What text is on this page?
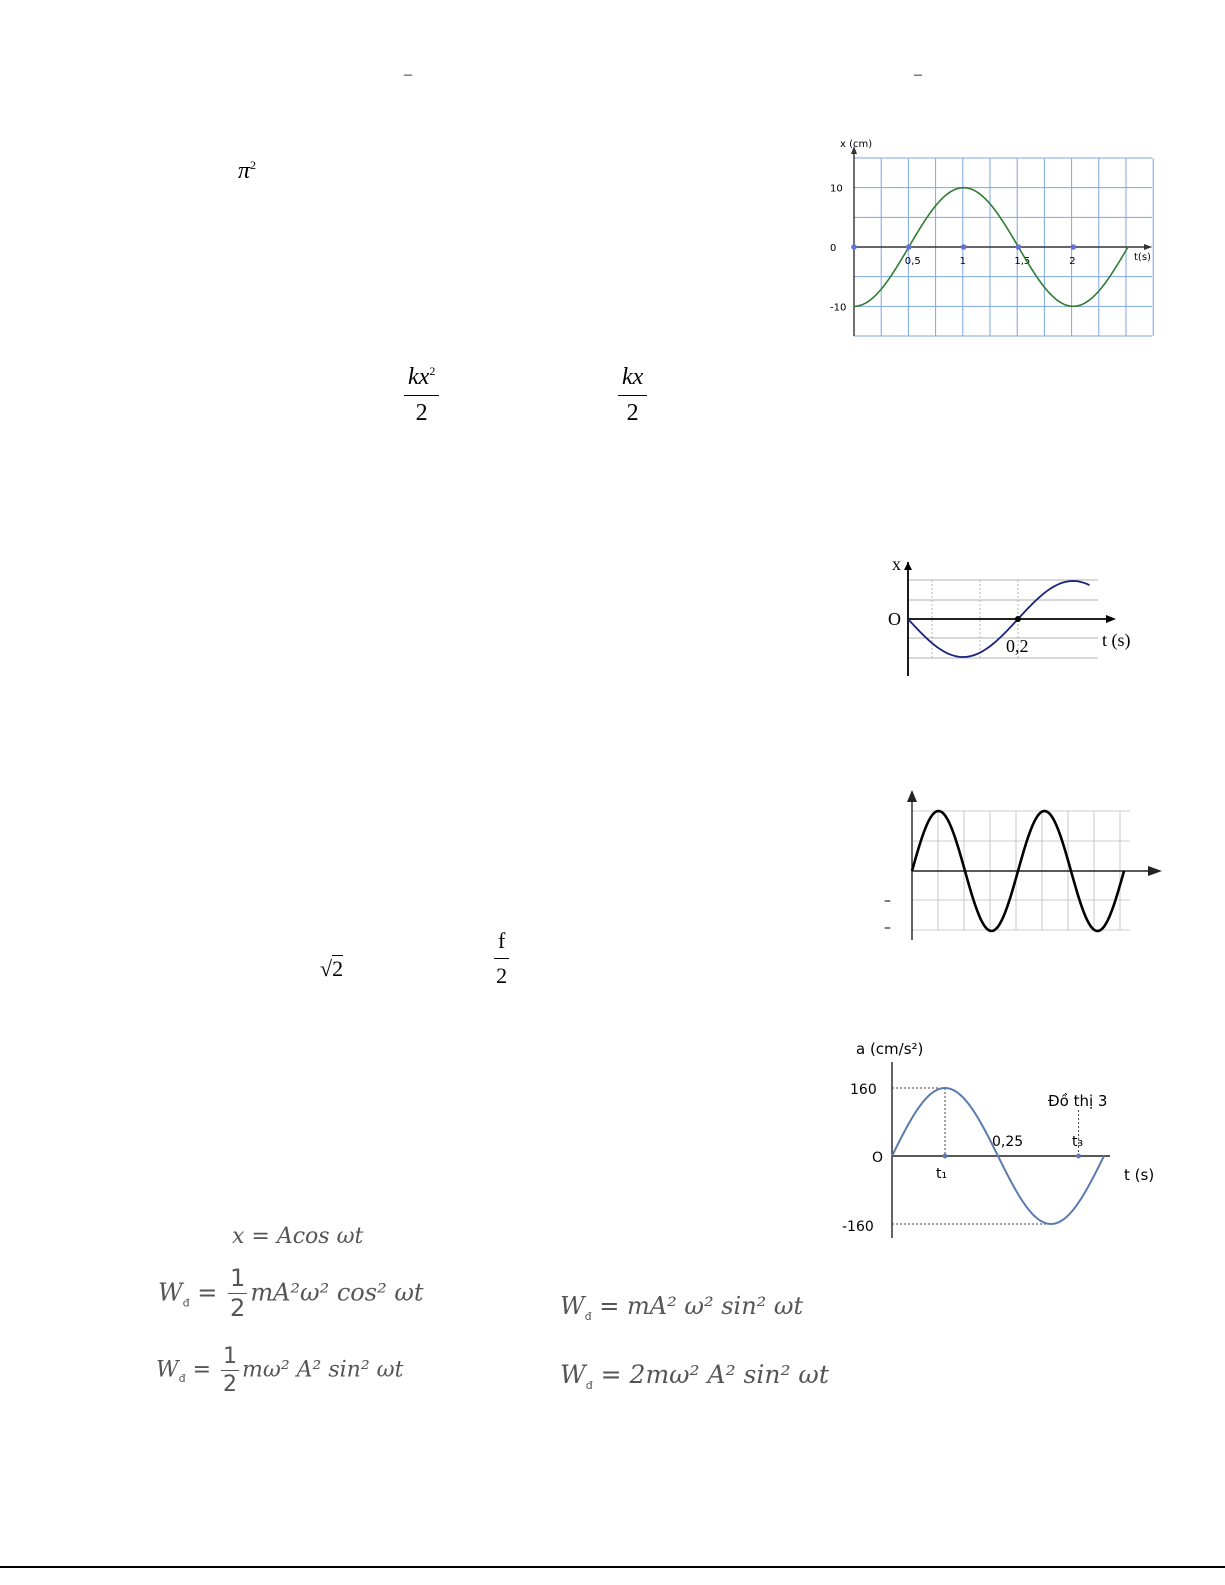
–	–
$\pi^2$
$\frac{kx^2}{2}$	$\frac{kx}{2}$
√2	$\frac{f}{2}$
x = Acos ωt
$W_đ = \frac{1}{2} mA^2\omega^2$ cos² ωt	$W_đ = mA^2$ ω² sin² ωt
$W_đ = \frac{1}{2} m\omega^2$ A² sin² ωt	$W_đ = 2m\omega^2$ A² sin² ωt
x (cm)
t(s)
10
0
-10
0,5	1	1,5	2
x
O
t (s)
0,2
–
–
a (cm/s²)
Đồ thị 3
O
t (s)
160
-160
t₁
0,25	t₃
